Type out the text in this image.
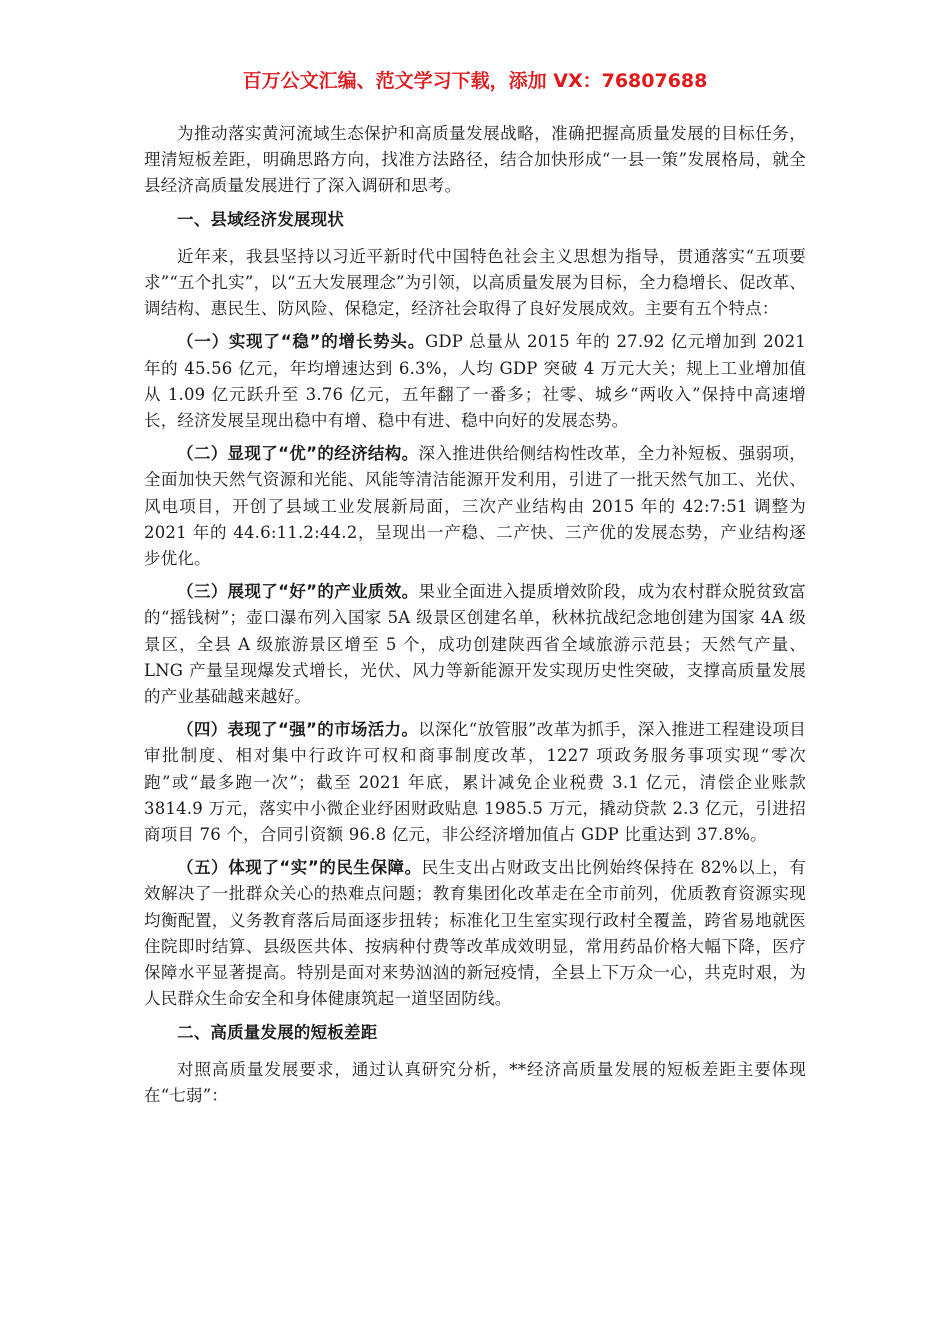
百万公文汇编、范文学习下载，添加 VX：76807688

为推动落实黄河流域生态保护和高质量发展战略，准确把握高质量发展的目标任务，理清短板差距，明确思路方向，找准方法路径，结合加快形成“一县一策”发展格局，就全县经济高质量发展进行了深入调研和思考。

一、县域经济发展现状

近年来，我县坚持以习近平新时代中国特色社会主义思想为指导，贯通落实“五项要求”“五个扎实”，以“五大发展理念”为引领，以高质量发展为目标，全力稳增长、促改革、调结构、惠民生、防风险、保稳定，经济社会取得了良好发展成效。主要有五个特点：

（一）实现了“稳”的增长势头。GDP 总量从 2015 年的 27.92 亿元增加到 2021 年的 45.56 亿元，年均增速达到 6.3%，人均 GDP 突破 4 万元大关；规上工业增加值从 1.09 亿元跃升至 3.76 亿元，五年翻了一番多；社零、城乡“两收入”保持中高速增长，经济发展呈现出稳中有增、稳中有进、稳中向好的发展态势。

（二）显现了“优”的经济结构。深入推进供给侧结构性改革，全力补短板、强弱项，全面加快天然气资源和光能、风能等清洁能源开发利用，引进了一批天然气加工、光伏、风电项目，开创了县域工业发展新局面，三次产业结构由 2015 年的 42:7:51 调整为 2021 年的 44.6:11.2:44.2，呈现出一产稳、二产快、三产优的发展态势，产业结构逐步优化。

（三）展现了“好”的产业质效。果业全面进入提质增效阶段，成为农村群众脱贫致富的“摇钱树”；壶口瀑布列入国家 5A 级景区创建名单，秋林抗战纪念地创建为国家 4A 级景区，全县 A 级旅游景区增至 5 个，成功创建陕西省全域旅游示范县；天然气产量、LNG 产量呈现爆发式增长，光伏、风力等新能源开发实现历史性突破，支撑高质量发展的产业基础越来越好。

（四）表现了“强”的市场活力。以深化“放管服”改革为抓手，深入推进工程建设项目审批制度、相对集中行政许可权和商事制度改革，1227 项政务服务事项实现“零次跑”或“最多跑一次”；截至 2021 年底，累计减免企业税费 3.1 亿元，清偿企业账款 3814.9 万元，落实中小微企业纾困财政贴息 1985.5 万元，撬动贷款 2.3 亿元，引进招商项目 76 个，合同引资额 96.8 亿元，非公经济增加值占 GDP 比重达到 37.8%。

（五）体现了“实”的民生保障。民生支出占财政支出比例始终保持在 82%以上，有效解决了一批群众关心的热难点问题；教育集团化改革走在全市前列，优质教育资源实现均衡配置，义务教育落后局面逐步扭转；标准化卫生室实现行政村全覆盖，跨省易地就医住院即时结算、县级医共体、按病种付费等改革成效明显，常用药品价格大幅下降，医疗保障水平显著提高。特别是面对来势汹汹的新冠疫情，全县上下万众一心，共克时艰，为人民群众生命安全和身体健康筑起一道坚固防线。

二、高质量发展的短板差距

对照高质量发展要求，通过认真研究分析，**经济高质量发展的短板差距主要体现在“七弱”：
